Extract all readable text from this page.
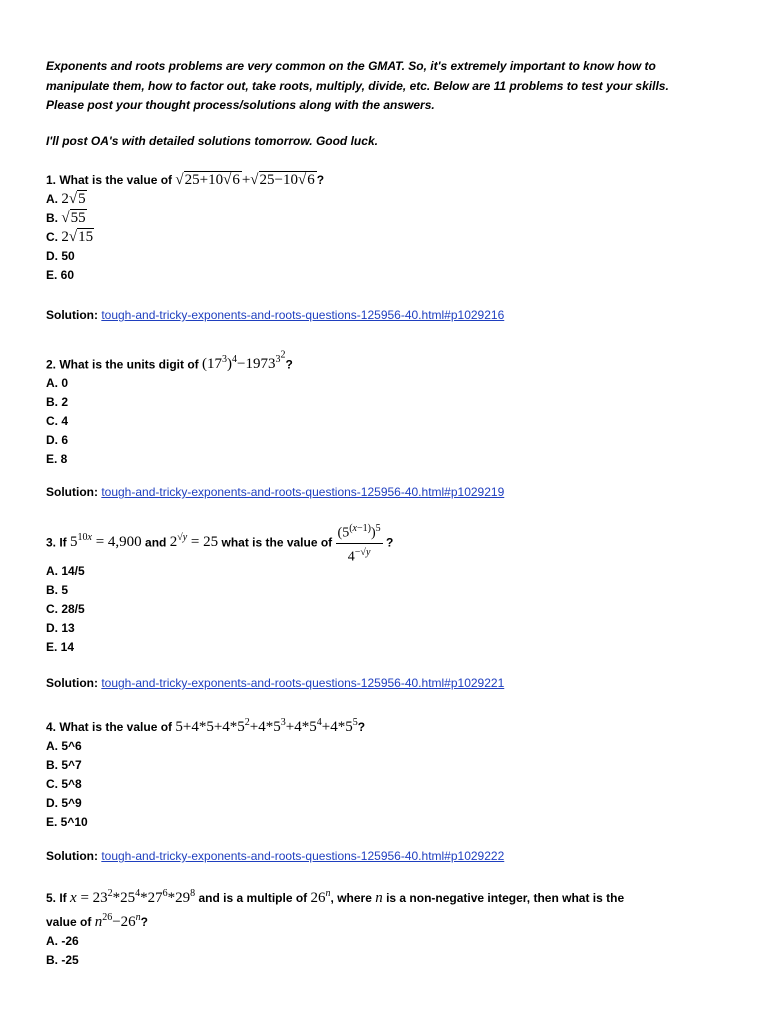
Exponents and roots problems are very common on the GMAT. So, it's extremely important to know how to

manipulate them, how to factor out, take roots, multiply, divide, etc. Below are 11 problems to test your skills.

Please post your thought process/solutions along with the answers.

I'll post OA's with detailed solutions tomorrow. Good luck.

1. What is the value of √25+10√6 +√25−10√6 ?
A. 2√5
B. √55
C. 2√15
D. 50
E. 60
Solution: tough-and-tricky-exponents-and-roots-questions-125956-40.html#p1029216
2. What is the units digit of $(17^3)^4-1973^{3^2}$?
A. 0
B. 2
C. 4
D. 6
E. 8
Solution: tough-and-tricky-exponents-and-roots-questions-125956-40.html#p1029219
3. If $5^{10x} = 4,900$ and $2^{√y} = 25$ what is the value of $\frac{(5^{(x-1)})^5}{4^{-√y}}$ ?
A. 14/5
B. 5
C. 28/5
D. 13
E. 14
Solution: tough-and-tricky-exponents-and-roots-questions-125956-40.html#p1029221
4. What is the value of $5+4*5+4*5^2+4*5^3+4*5^4+4*5^5$?
A. 5^6
B. 5^7
C. 5^8
D. 5^9
E. 5^10
Solution: tough-and-tricky-exponents-and-roots-questions-125956-40.html#p1029222
5. If $x = 23^2*25^4*27^6*29^8$ and is a multiple of 26$^n$, where n is a non-negative integer, then what is the
value of $n^{26}-26^n$?
A. -26
B. -25
